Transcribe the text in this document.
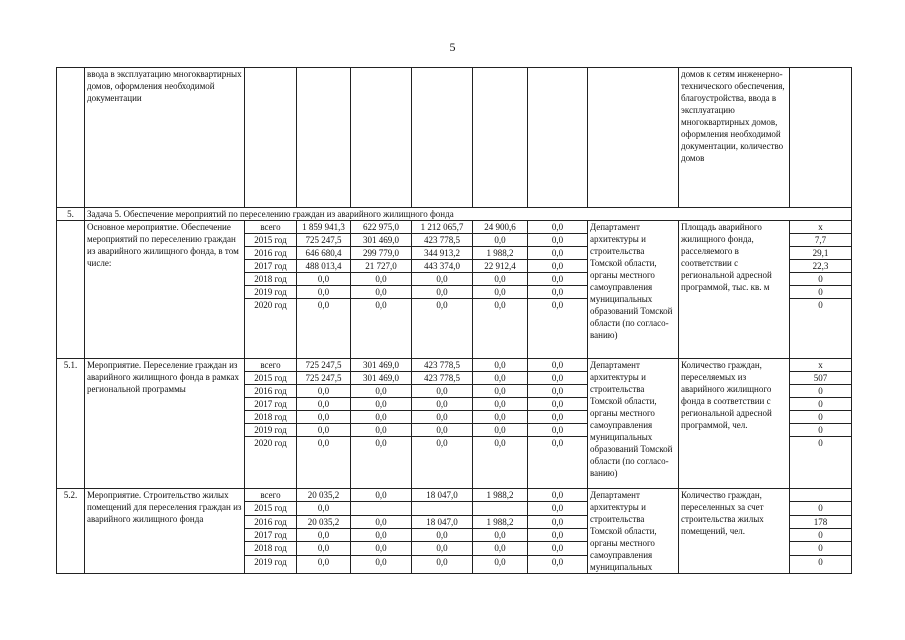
5
	ввода в эксплуатацию многоквартирных домов, оформления необходимой документации								домов к сетям инженерно-технического обеспечения, благоустройства, ввода в эксплуатацию многоквартирных домов, оформления необходимой документации, количество домов	
5.	Задача 5. Обеспечение мероприятий по переселению граждан из аварийного жилищного фонда									
	Основное мероприятие. Обеспечение мероприятий по переселению граждан из аварийного жилищного фонда, в том числе:	всего	1 859 941,3	622 975,0	1 212 065,7	24 900,6	0,0	Департамент архитектуры и строительства Томской области, органы местного самоуправления муниципальных образований Томской области (по согласо-ванию)	Площадь аварийного жилищного фонда, расселяемого в соответствии с региональной адресной программой, тыс. кв. м	х
		2015 год	725 247,5	301 469,0	423 778,5	0,0	0,0			7,7
		2016 год	646 680,4	299 779,0	344 913,2	1 988,2	0,0			29,1
		2017 год	488 013,4	21 727,0	443 374,0	22 912,4	0,0			22,3
		2018 год	0,0	0,0	0,0	0,0	0,0			0
		2019 год	0,0	0,0	0,0	0,0	0,0			0
		2020 год	0,0	0,0	0,0	0,0	0,0			0
5.1.	Мероприятие. Переселение граждан из аварийного жилищного фонда в рамках региональной программы	всего	725 247,5	301 469,0	423 778,5	0,0	0,0	Департамент архитектуры и строительства Томской области, органы местного самоуправления муниципальных образований Томской области (по согласо-ванию)	Количество граждан, переселяемых из аварийного жилищного фонда в соответствии с региональной адресной программой, чел.	х
		2015 год	725 247,5	301 469,0	423 778,5	0,0	0,0			507
		2016 год	0,0	0,0	0,0	0,0	0,0			0
		2017 год	0,0	0,0	0,0	0,0	0,0			0
		2018 год	0,0	0,0	0,0	0,0	0,0			0
		2019 год	0,0	0,0	0,0	0,0	0,0			0
		2020 год	0,0	0,0	0,0	0,0	0,0			0
5.2.	Мероприятие. Строительство жилых помещений для переселения граждан из аварийного жилищного фонда	всего	20 035,2	0,0	18 047,0	1 988,2	0,0	Департамент архитектуры и строительства Томской области, органы местного самоуправления муниципальных	Количество граждан, переселенных за счет строительства жилых помещений, чел.	
		2015 год	0,0				0,0			0
		2016 год	20 035,2	0,0	18 047,0	1 988,2	0,0			178
		2017 год	0,0	0,0	0,0	0,0	0,0			0
		2018 год	0,0	0,0	0,0	0,0	0,0			0
		2019 год	0,0	0,0	0,0	0,0	0,0			0
